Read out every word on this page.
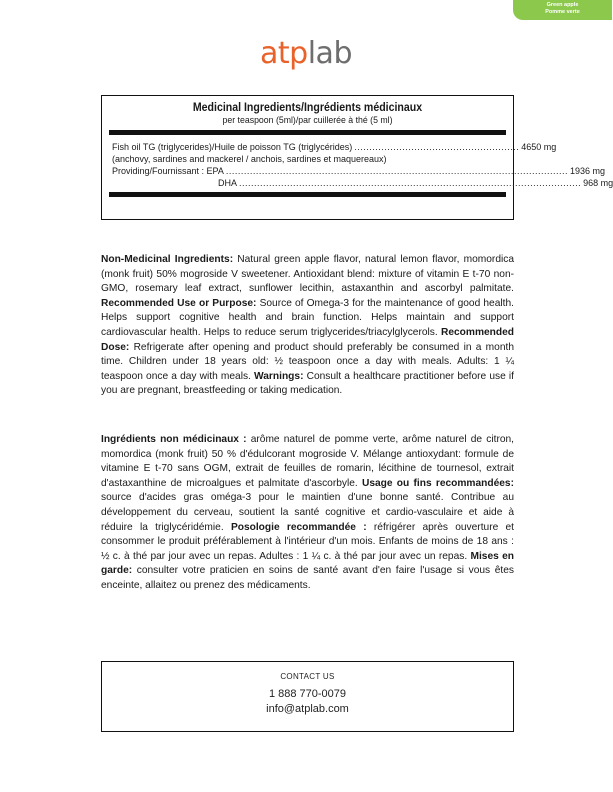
Green apple
Pomme verte
atplab
Medicinal Ingredients/Ingrédients médicinaux
per teaspoon (5ml)/par cuillerée à thé (5 ml)
Fish oil TG (triglycerides)/Huile de poisson TG (triglycérides) ....................................................... 4650 mg
(anchovy, sardines and mackerel / anchois, sardines et maquereaux)
Providing/Fournissant : EPA .................................................................................................................. 1936 mg
DHA .................................................................................................................. 968 mg
Non-Medicinal Ingredients: Natural green apple flavor, natural lemon flavor, momordica (monk fruit) 50% mogroside V sweetener. Antioxidant blend: mixture of vitamin E t-70 non-GMO, rosemary leaf extract, sunflower lecithin, astaxanthin and ascorbyl palmitate. Recommended Use or Purpose: Source of Omega-3 for the maintenance of good health. Helps support cognitive health and brain function. Helps maintain and support cardiovascular health. Helps to reduce serum triglycerides/triacylglycerols. Recommended Dose: Refrigerate after opening and product should preferably be consumed in a month time. Children under 18 years old: ½ teaspoon once a day with meals. Adults: 1 ¼ teaspoon once a day with meals. Warnings: Consult a healthcare practitioner before use if you are pregnant, breastfeeding or taking medication.
Ingrédients non médicinaux : arôme naturel de pomme verte, arôme naturel de citron, momordica (monk fruit) 50 % d'édulcorant mogroside V. Mélange antioxydant: formule de vitamine E t-70 sans OGM, extrait de feuilles de romarin, lécithine de tournesol, extrait d'astaxanthine de microalgues et palmitate d'ascorbyle. Usage ou fins recommandées: source d'acides gras oméga-3 pour le maintien d'une bonne santé. Contribue au développement du cerveau, soutient la santé cognitive et cardio-vasculaire et aide à réduire la triglycéridémie. Posologie recommandée : réfrigérer après ouverture et consommer le produit préférablement à l'intérieur d'un mois. Enfants de moins de 18 ans : ½ c. à thé par jour avec un repas. Adultes : 1 ¼ c. à thé par jour avec un repas. Mises en garde: consulter votre praticien en soins de santé avant d'en faire l'usage si vous êtes enceinte, allaitez ou prenez des médicaments.
CONTACT US
1 888 770-0079
info@atplab.com
